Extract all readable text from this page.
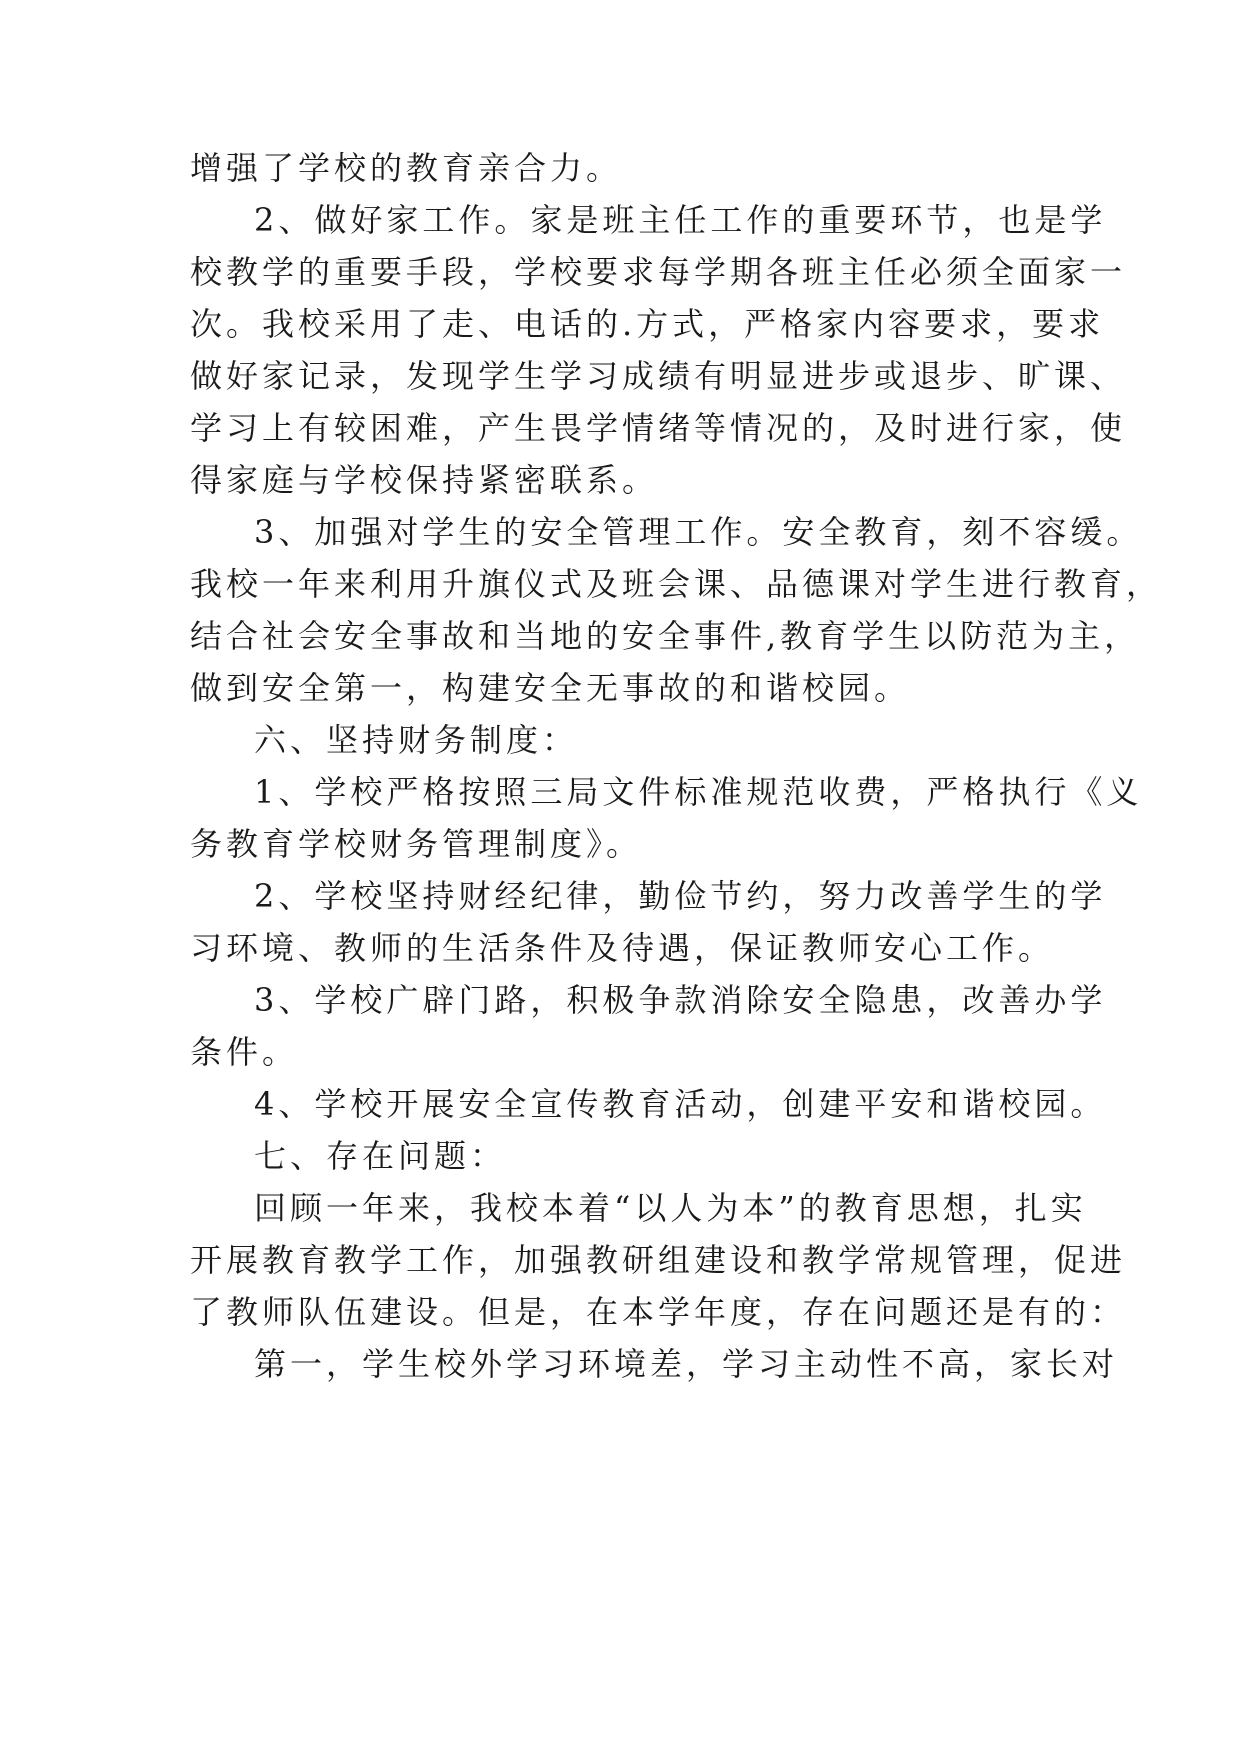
增强了学校的教育亲合力。

2、做好家工作。家是班主任工作的重要环节，也是学

校教学的重要手段，学校要求每学期各班主任必须全面家一

次。我校采用了走、电话的.方式，严格家内容要求，要求

做好家记录，发现学生学习成绩有明显进步或退步、旷课、

学习上有较困难，产生畏学情绪等情况的，及时进行家，使

得家庭与学校保持紧密联系。

3、加强对学生的安全管理工作。安全教育，刻不容缓。

我校一年来利用升旗仪式及班会课、品德课对学生进行教育，

结合社会安全事故和当地的安全事件,教育学生以防范为主，

做到安全第一，构建安全无事故的和谐校园。

六、坚持财务制度：

1、学校严格按照三局文件标准规范收费，严格执行《义

务教育学校财务管理制度》。

2、学校坚持财经纪律，勤俭节约，努力改善学生的学

习环境、教师的生活条件及待遇，保证教师安心工作。

3、学校广辟门路，积极争款消除安全隐患，改善办学

条件。

4、学校开展安全宣传教育活动，创建平安和谐校园。

七、存在问题：

回顾一年来，我校本着“以人为本”的教育思想，扎实

开展教育教学工作，加强教研组建设和教学常规管理，促进

了教师队伍建设。但是，在本学年度，存在问题还是有的：

第一，学生校外学习环境差，学习主动性不高，家长对
